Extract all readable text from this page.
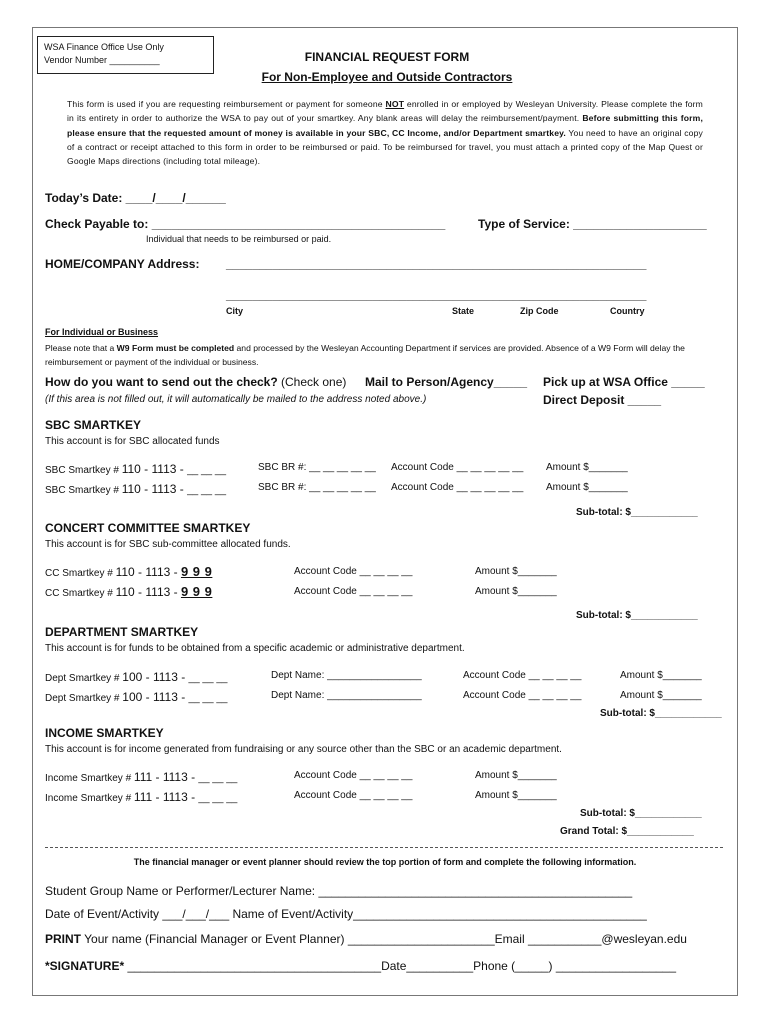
WSA Finance Office Use Only
Vendor Number __________	FINANCIAL REQUEST FORM
For Non-Employee and Outside Contractors
This form is used if you are requesting reimbursement or payment for someone NOT enrolled in or employed by Wesleyan University. Please complete the form in its entirety in order to authorize the WSA to pay out of your smartkey. Any blank areas will delay the reimbursement/payment. Before submitting this form, please ensure that the requested amount of money is available in your SBC, CC Income, and/or Department smartkey. You need to have an original copy of a contract or receipt attached to this form in order to be reimbursed or paid. To be reimbursed for travel, you must attach a printed copy of the Map Quest or Google Maps directions (including total mileage).
Today’s Date: ____/____/______
Check Payable to: ____________________________________________	Type of Service: ____________________
Individual that needs to be reimbursed or paid.
HOME/COMPANY Address: _______________________________________________________________
_______________________________________________________________
City	State	Zip Code	Country
For Individual or Business
Please note that a W9 Form must be completed and processed by the Wesleyan Accounting Department if services are provided. Absence of a W9 Form will delay the reimbursement or payment of the individual or business.
How do you want to send out the check? (Check one) Mail to Person/Agency_____ Pick up at WSA Office _____
(If this area is not filled out, it will automatically be mailed to the address noted above.)	Direct Deposit _____
SBC SMARTKEY
This account is for SBC allocated funds
SBC Smartkey # 110 - 1113 - __ __ __	SBC BR #: __ __ __ __ __ Account Code __ __ __ __ __ Amount $_______
SBC Smartkey # 110 - 1113 - __ __ __	SBC BR #: __ __ __ __ __ Account Code __ __ __ __ __ Amount $_______
Sub-total: $____________
CONCERT COMMITTEE SMARTKEY
This account is for SBC sub-committee allocated funds.
CC Smartkey # 110 - 1113 - 9 9 9	Account Code __ __ __ __	Amount $_______
CC Smartkey # 110 - 1113 - 9 9 9	Account Code __ __ __ __	Amount $_______
Sub-total: $____________
DEPARTMENT SMARTKEY
This account is for funds to be obtained from a specific academic or administrative department.
Dept Smartkey # 100 - 1113 - __ __ __	Dept Name: _________________	Account Code __ __ __ __	Amount $_______
Dept Smartkey # 100 - 1113 - __ __ __	Dept Name: _________________	Account Code __ __ __ __	Amount $_______
Sub-total: $____________
INCOME SMARTKEY
This account is for income generated from fundraising or any source other than the SBC or an academic department.
Income Smartkey # 111 - 1113 - __ __ __	Account Code __ __ __ __	Amount $_______
Income Smartkey # 111 - 1113 - __ __ __	Account Code __ __ __ __	Amount $_______
Sub-total: $____________
Grand Total: $____________
The financial manager or event planner should review the top portion of form and complete the following information.
Student Group Name or Performer/Lecturer Name: _______________________________________________
Date of Event/Activity ___/___/___ Name of Event/Activity____________________________________________
PRINT Your name (Financial Manager or Event Planner) ______________________Email ___________@wesleyan.edu
*SIGNATURE* ______________________________________Date__________Phone (_____) __________________
